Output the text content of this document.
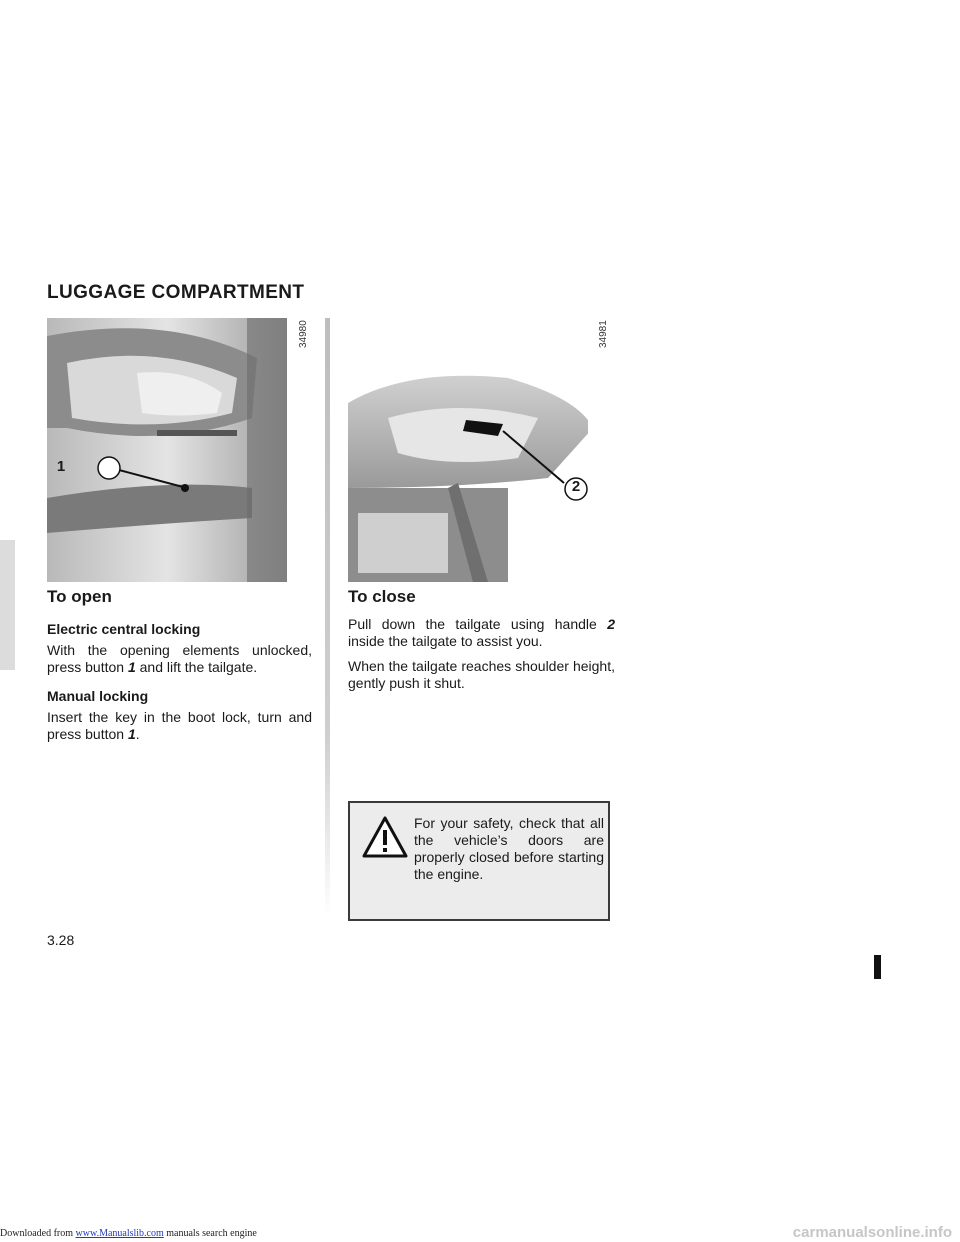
Downloaded from www.Manualslib.com manuals search engine	carmanualsonline.info
LUGGAGE COMPARTMENT
1
34980
2
34981
To open
Electric central locking

With the opening elements unlocked, press button 1 and lift the tailgate.

Manual locking

Insert the key in the boot lock, turn and press button 1.

To close

Pull down the tailgate using handle 2 inside the tailgate to assist you.

When the tailgate reaches shoulder height, gently push it shut.

For your safety, check that all the vehicle’s doors are properly closed before starting the engine.
3.28
